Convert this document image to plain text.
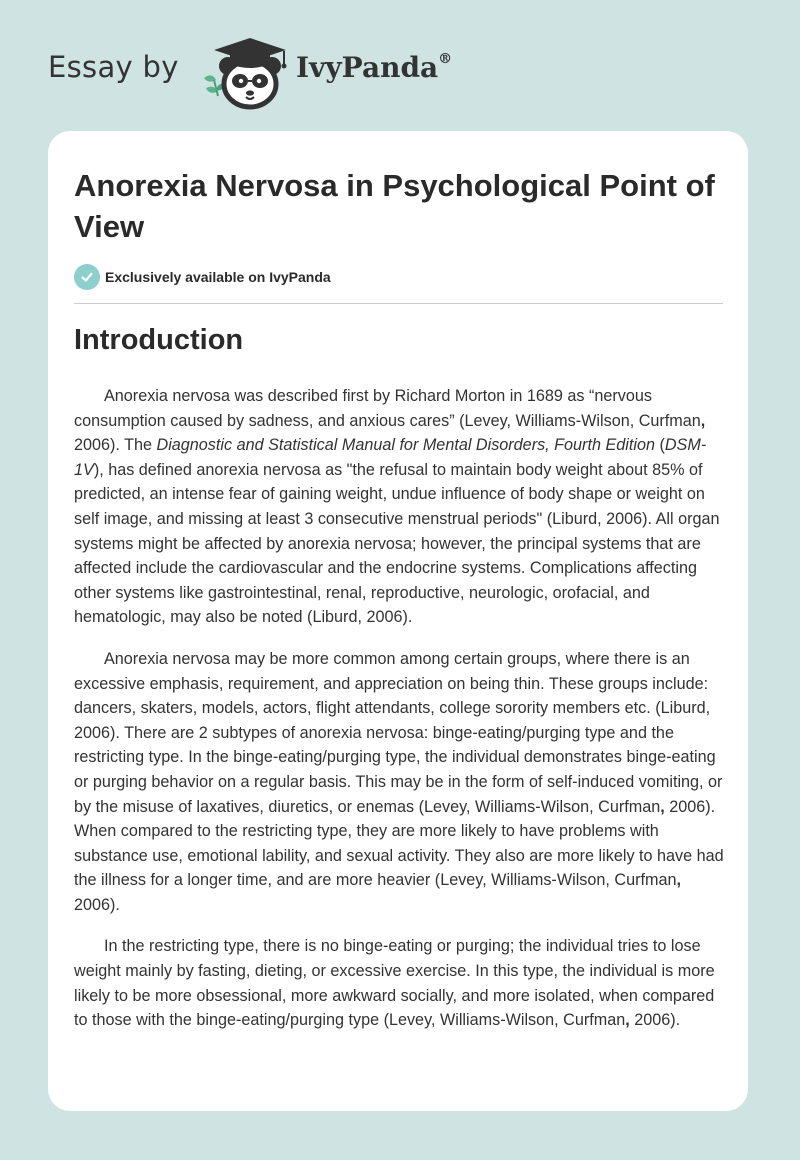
Essay by	IvyPanda®
Anorexia Nervosa in Psychological Point of View
Exclusively available on IvyPanda
Introduction

Anorexia nervosa was described first by Richard Morton in 1689 as “nervous consumption caused by sadness, and anxious cares” (Levey, Williams-Wilson, Curfman, 2006). The Diagnostic and Statistical Manual for Mental Disorders, Fourth Edition (DSM-1V), has defined anorexia nervosa as "the refusal to maintain body weight about 85% of predicted, an intense fear of gaining weight, undue influence of body shape or weight on self image, and missing at least 3 consecutive menstrual periods" (Liburd, 2006). All organ systems might be affected by anorexia nervosa; however, the principal systems that are affected include the cardiovascular and the endocrine systems. Complications affecting other systems like gastrointestinal, renal, reproductive, neurologic, orofacial, and hematologic, may also be noted (Liburd, 2006).

Anorexia nervosa may be more common among certain groups, where there is an excessive emphasis, requirement, and appreciation on being thin. These groups include: dancers, skaters, models, actors, flight attendants, college sorority members etc. (Liburd, 2006). There are 2 subtypes of anorexia nervosa: binge-eating/purging type and the restricting type. In the binge-eating/purging type, the individual demonstrates binge-eating or purging behavior on a regular basis. This may be in the form of self-induced vomiting, or by the misuse of laxatives, diuretics, or enemas (Levey, Williams-Wilson, Curfman, 2006). When compared to the restricting type, they are more likely to have problems with substance use, emotional lability, and sexual activity. They also are more likely to have had the illness for a longer time, and are more heavier (Levey, Williams-Wilson, Curfman, 2006).

In the restricting type, there is no binge-eating or purging; the individual tries to lose weight mainly by fasting, dieting, or excessive exercise. In this type, the individual is more likely to be more obsessional, more awkward socially, and more isolated, when compared to those with the binge-eating/purging type (Levey, Williams-Wilson, Curfman, 2006).
